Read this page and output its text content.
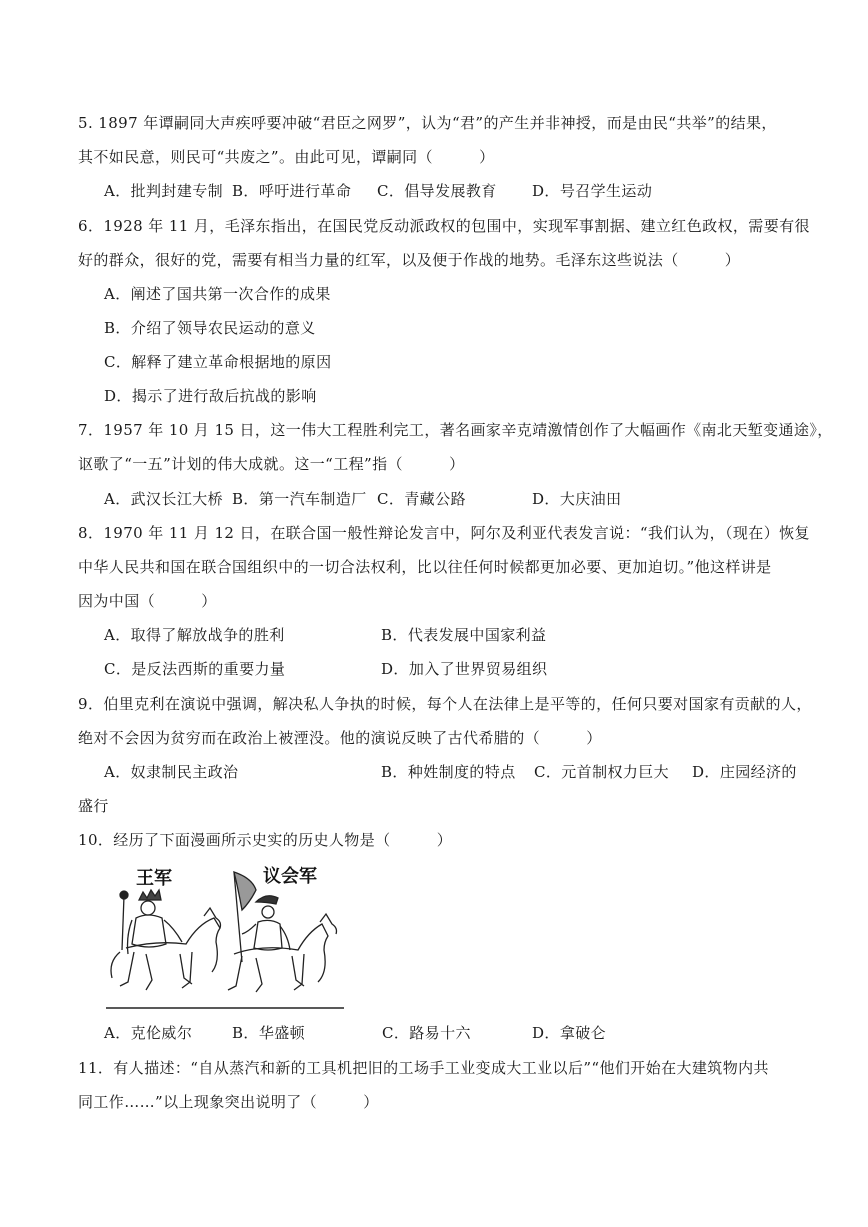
5. 1897 年谭嗣同大声疾呼要冲破“君臣之网罗”，认为“君”的产生并非神授，而是由民“共举”的结果，
其不如民意，则民可“共废之”。由此可见，谭嗣同（　　　）
A．批判封建专制 B．呼吁进行革命 C．倡导发展教育 D．号召学生运动
6．1928 年 11 月，毛泽东指出，在国民党反动派政权的包围中，实现军事割据、建立红色政权，需要有很
好的群众，很好的党，需要有相当力量的红军，以及便于作战的地势。毛泽东这些说法（　　　）
A．阐述了国共第一次合作的成果
B．介绍了领导农民运动的意义
C．解释了建立革命根据地的原因
D．揭示了进行敌后抗战的影响
7．1957 年 10 月 15 日，这一伟大工程胜利完工，著名画家辛克靖激情创作了大幅画作《南北天堑变通途》，
讴歌了“一五”计划的伟大成就。这一“工程”指（　　　）
A．武汉长江大桥 B．第一汽车制造厂 C．青藏公路	D．大庆油田
8．1970 年 11 月 12 日，在联合国一般性辩论发言中，阿尔及利亚代表发言说：“我们认为，（现在）恢复
中华人民共和国在联合国组织中的一切合法权利，比以往任何时候都更加必要、更加迫切。”他这样讲是
因为中国（　　　）
A．取得了解放战争的胜利	B．代表发展中国家利益
C．是反法西斯的重要力量	D．加入了世界贸易组织
9．伯里克利在演说中强调，解决私人争执的时候，每个人在法律上是平等的，任何只要对国家有贡献的人，
绝对不会因为贫穷而在政治上被湮没。他的演说反映了古代希腊的（　　　）
A．奴隶制民主政治	B．种姓制度的特点 C．元首制权力巨大 D．庄园经济的
盛行
10．经历了下面漫画所示史实的历史人物是（　　　）
王军	议会军
A．克伦威尔	B．华盛顿	C．路易十六	D．拿破仑
11．有人描述：“自从蒸汽和新的工具机把旧的工场手工业变成大工业以后”“他们开始在大建筑物内共
同工作……”以上现象突出说明了（　　　）
